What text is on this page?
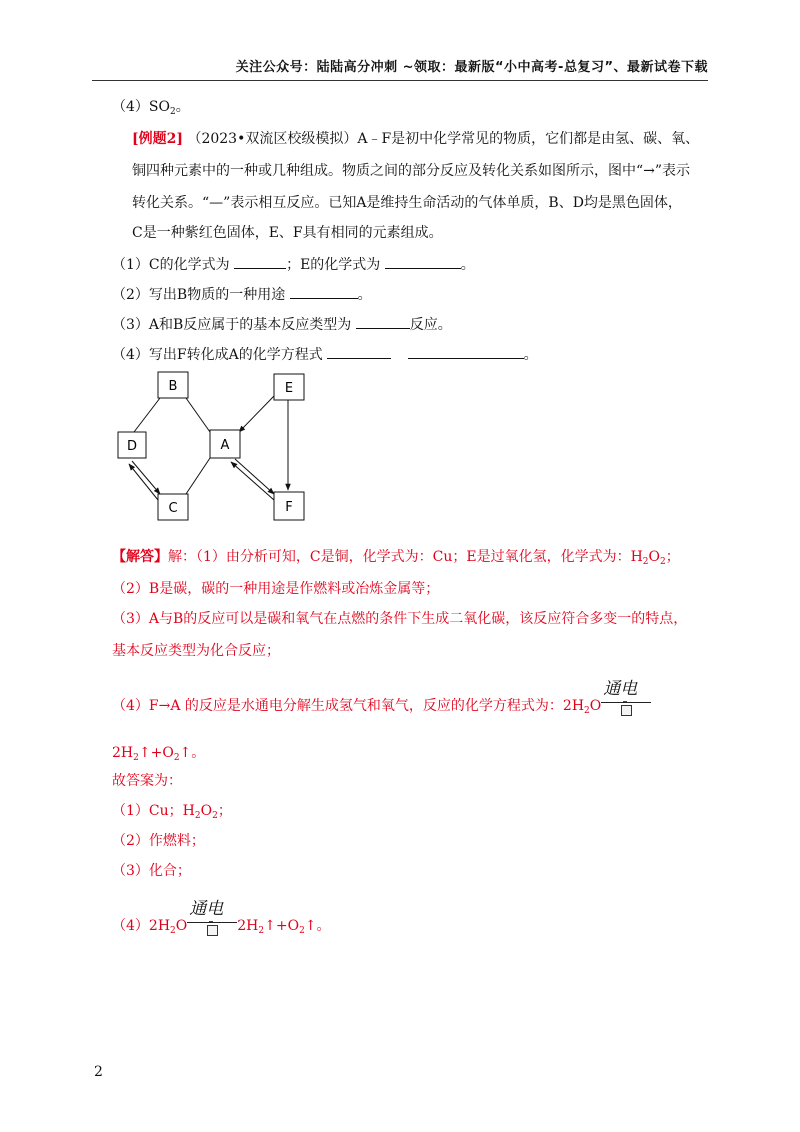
关注公众号：陆陆高分冲刺 ~领取：最新版“小中高考-总复习”、最新试卷下载
$(4)SO_2$。
[例题2] （2023•双流区校级模拟）A﹣F是初中化学常见的物质，它们都是由氢、碳、氧、
铜四种元素中的一种或几种组成。物质之间的部分反应及转化关系如图所示，图中“→”表示
转化关系。“—”表示相互反应。已知A是维持生命活动的气体单质，B、D均是黑色固体，
C是一种紫红色固体，E、F具有相同的元素组成。
（1）C的化学式为	；E的化学式为	。
（2）写出B物质的一种用途	。
（3）A和B反应属于的基本反应类型为	反应。
（4）写出F转化成A的化学方程式	。
B	E
D	A
C	F
【解答】解：（1）由分析可知，C是铜，化学式为：Cu；E是过氧化氢，化学式为：$H_2O_2$；
（2）B是碳，碳的一种用途是作燃料或冶炼金属等；
（3）A与B的反应可以是碳和氧气在点燃的条件下生成二氧化碳，该反应符合多变一的特点，
基本反应类型为化合反应；
（4）F→A 的反应是水通电分解生成氢气和氧气，反应的化学方程式为：$2H_2O$
通电
$2H_2↑+O_2↑$。
故答案为：
（1）Cu；$H_2O_2$；
（2）作燃料；
（3）化合；
$(4)2H_2O$
通电
$2H_2↑+O_2↑$。
2
